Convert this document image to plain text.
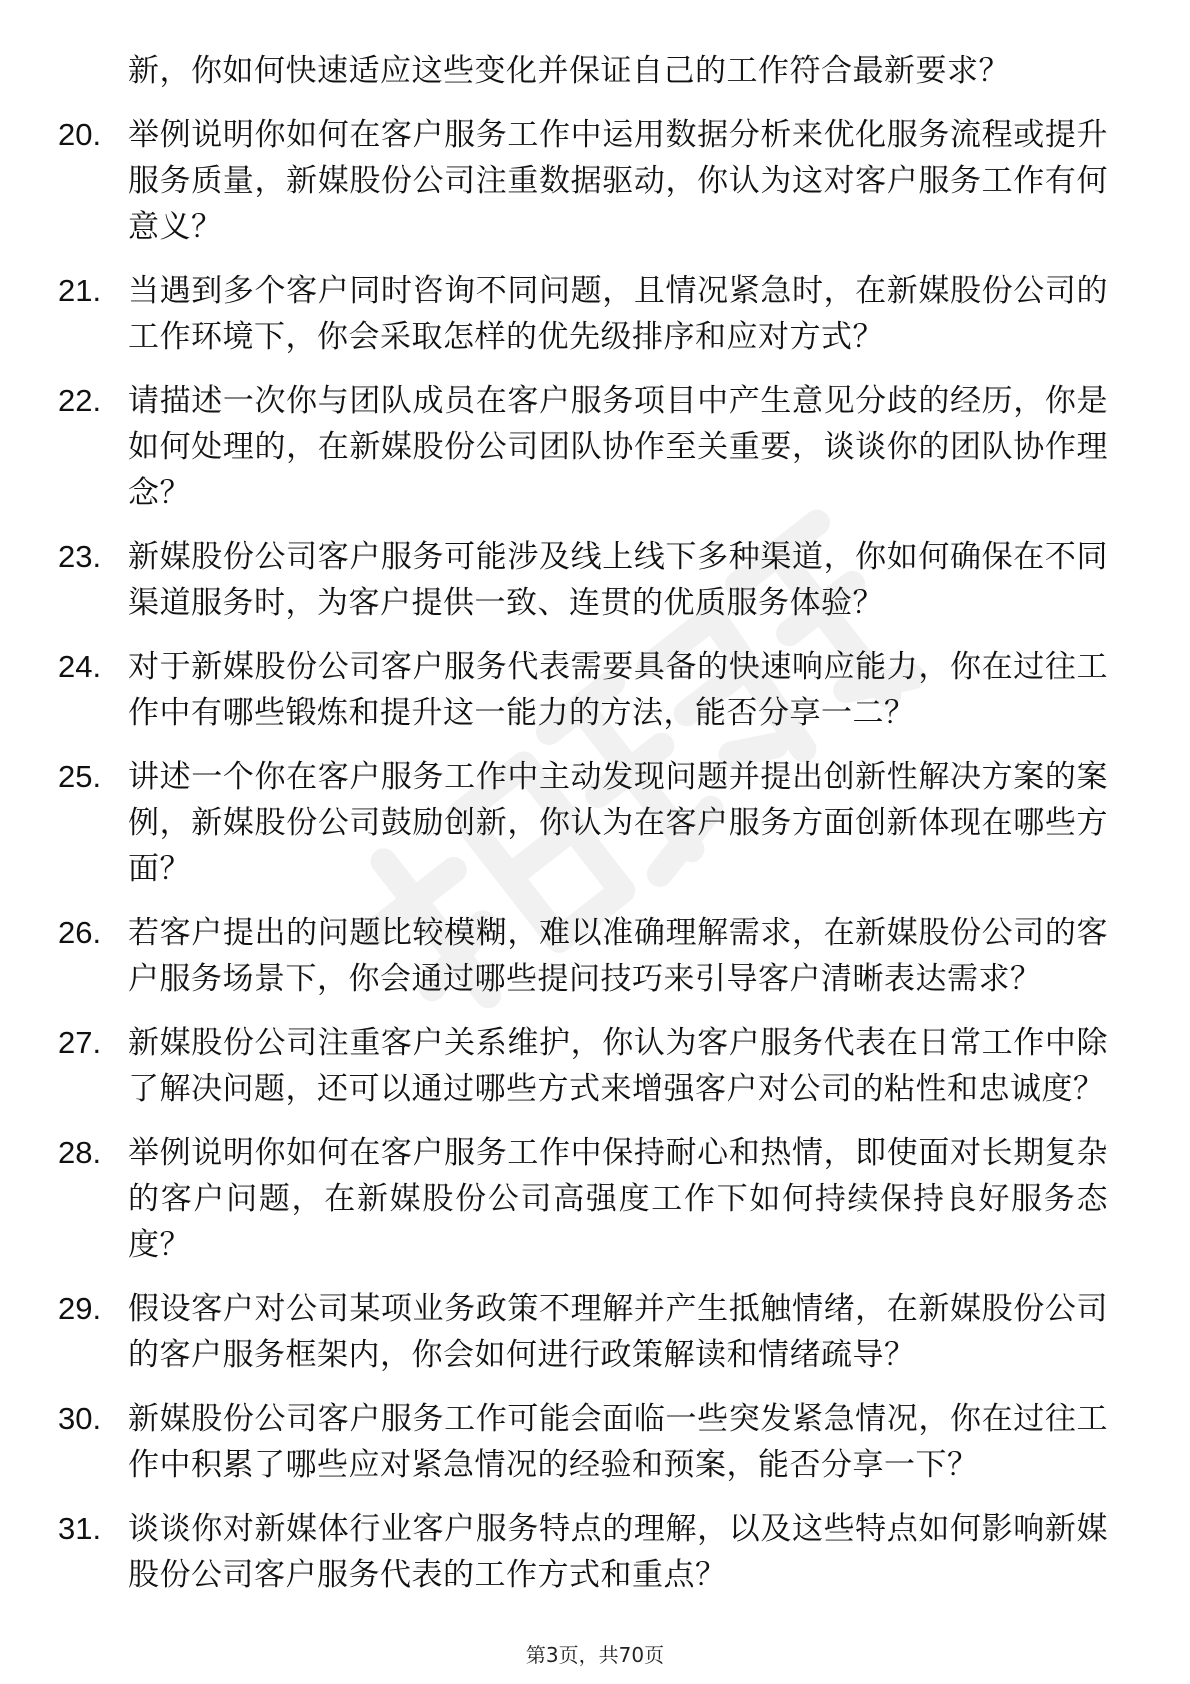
新，你如何快速适应这些变化并保证自己的工作符合最新要求？
20. 举例说明你如何在客户服务工作中运用数据分析来优化服务流程或提升服务质量，新媒股份公司注重数据驱动，你认为这对客户服务工作有何意义？
21. 当遇到多个客户同时咨询不同问题，且情况紧急时，在新媒股份公司的工作环境下，你会采取怎样的优先级排序和应对方式？
22. 请描述一次你与团队成员在客户服务项目中产生意见分歧的经历，你是如何处理的，在新媒股份公司团队协作至关重要，谈谈你的团队协作理念？
23. 新媒股份公司客户服务可能涉及线上线下多种渠道，你如何确保在不同渠道服务时，为客户提供一致、连贯的优质服务体验？
24. 对于新媒股份公司客户服务代表需要具备的快速响应能力，你在过往工作中有哪些锻炼和提升这一能力的方法，能否分享一二？
25. 讲述一个你在客户服务工作中主动发现问题并提出创新性解决方案的案例，新媒股份公司鼓励创新，你认为在客户服务方面创新体现在哪些方面？
26. 若客户提出的问题比较模糊，难以准确理解需求，在新媒股份公司的客户服务场景下，你会通过哪些提问技巧来引导客户清晰表达需求？
27. 新媒股份公司注重客户关系维护，你认为客户服务代表在日常工作中除了解决问题，还可以通过哪些方式来增强客户对公司的粘性和忠诚度？
28. 举例说明你如何在客户服务工作中保持耐心和热情，即使面对长期复杂的客户问题，在新媒股份公司高强度工作下如何持续保持良好服务态度？
29. 假设客户对公司某项业务政策不理解并产生抵触情绪，在新媒股份公司的客户服务框架内，你会如何进行政策解读和情绪疏导？
30. 新媒股份公司客户服务工作可能会面临一些突发紧急情况，你在过往工作中积累了哪些应对紧急情况的经验和预案，能否分享一下？
31. 谈谈你对新媒体行业客户服务特点的理解，以及这些特点如何影响新媒股份公司客户服务代表的工作方式和重点？
第3页，共70页
